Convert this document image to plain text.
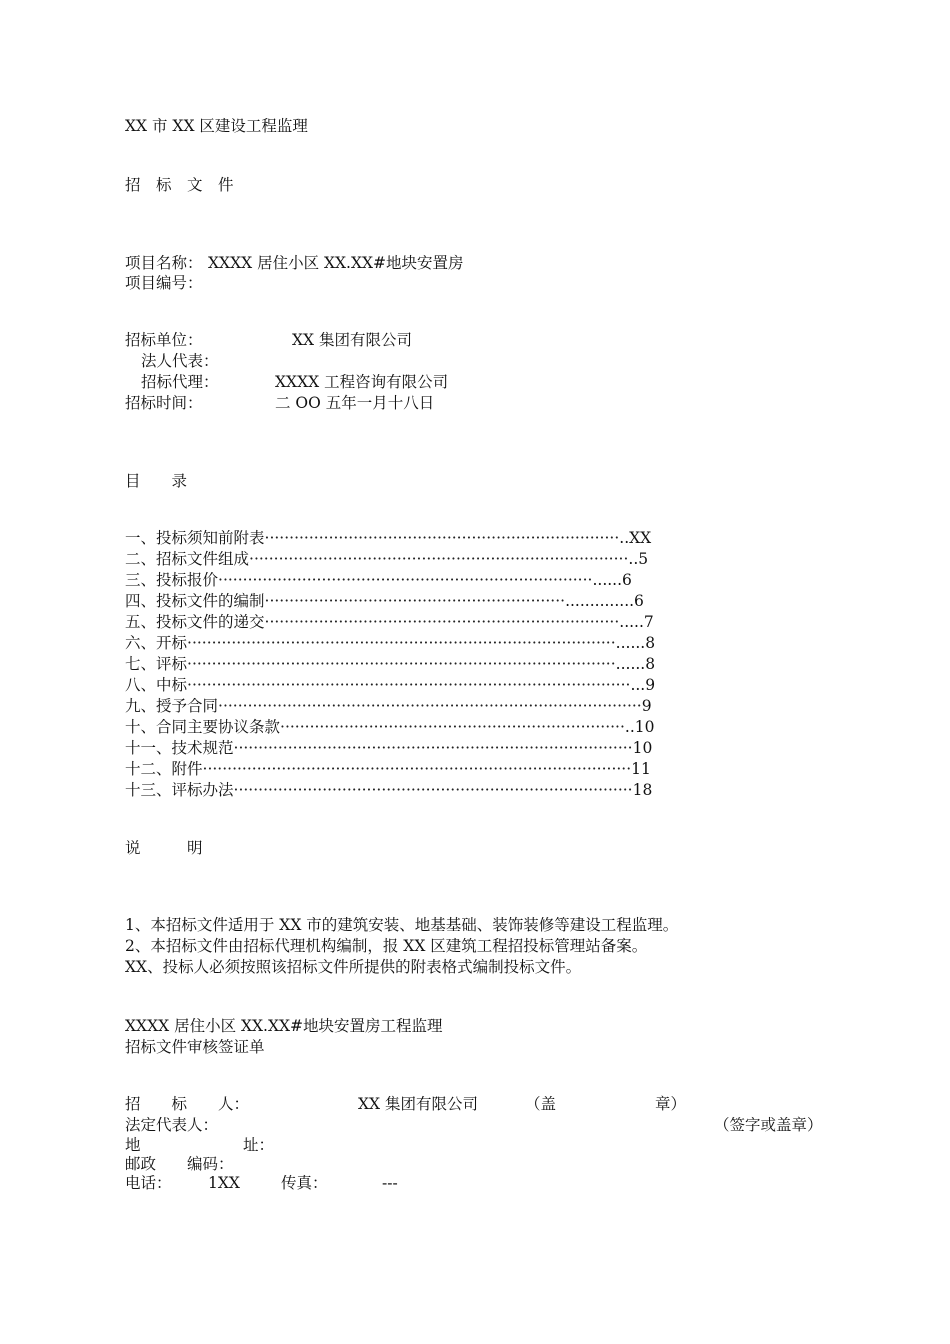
XX 市 XX 区建设工程监理
招　标　文　件
项目名称： XXXX 居住小区 XX.XX#地块安置房
项目编号：
招标单位：	XX 集团有限公司
法人代表：
招标代理：	XXXX 工程咨询有限公司
招标时间：	二 OO 五年一月十八日
目　　录
一、投标须知前附表········································································..XX
二、招标文件组成·············································································..5
三、投标报价············································································......6
四、投标文件的编制·····························································..............6
五、投标文件的递交········································································.....7
六、开标·······················································································......8
七、评标·······················································································......8
八、中标··························································································...9
九、授予合同······················································································9
十、合同主要协议条款······································································..10
十一、技术规范·················································································10
十二、附件·······················································································11
十三、评标办法·················································································18
说　　　明
1、本招标文件适用于 XX 市的建筑安装、地基基础、装饰装修等建设工程监理。
2、本招标文件由招标代理机构编制，报 XX 区建筑工程招投标管理站备案。
XX、投标人必须按照该招标文件所提供的附表格式编制投标文件。
XXXX 居住小区 XX.XX#地块安置房工程监理
招标文件审核签证单
招　　标　　人：	XX 集团有限公司	（盖	章）
法定代表人：	（签字或盖章）
地	址：
邮政　　编码：
电话： 1XX	传真：	---
